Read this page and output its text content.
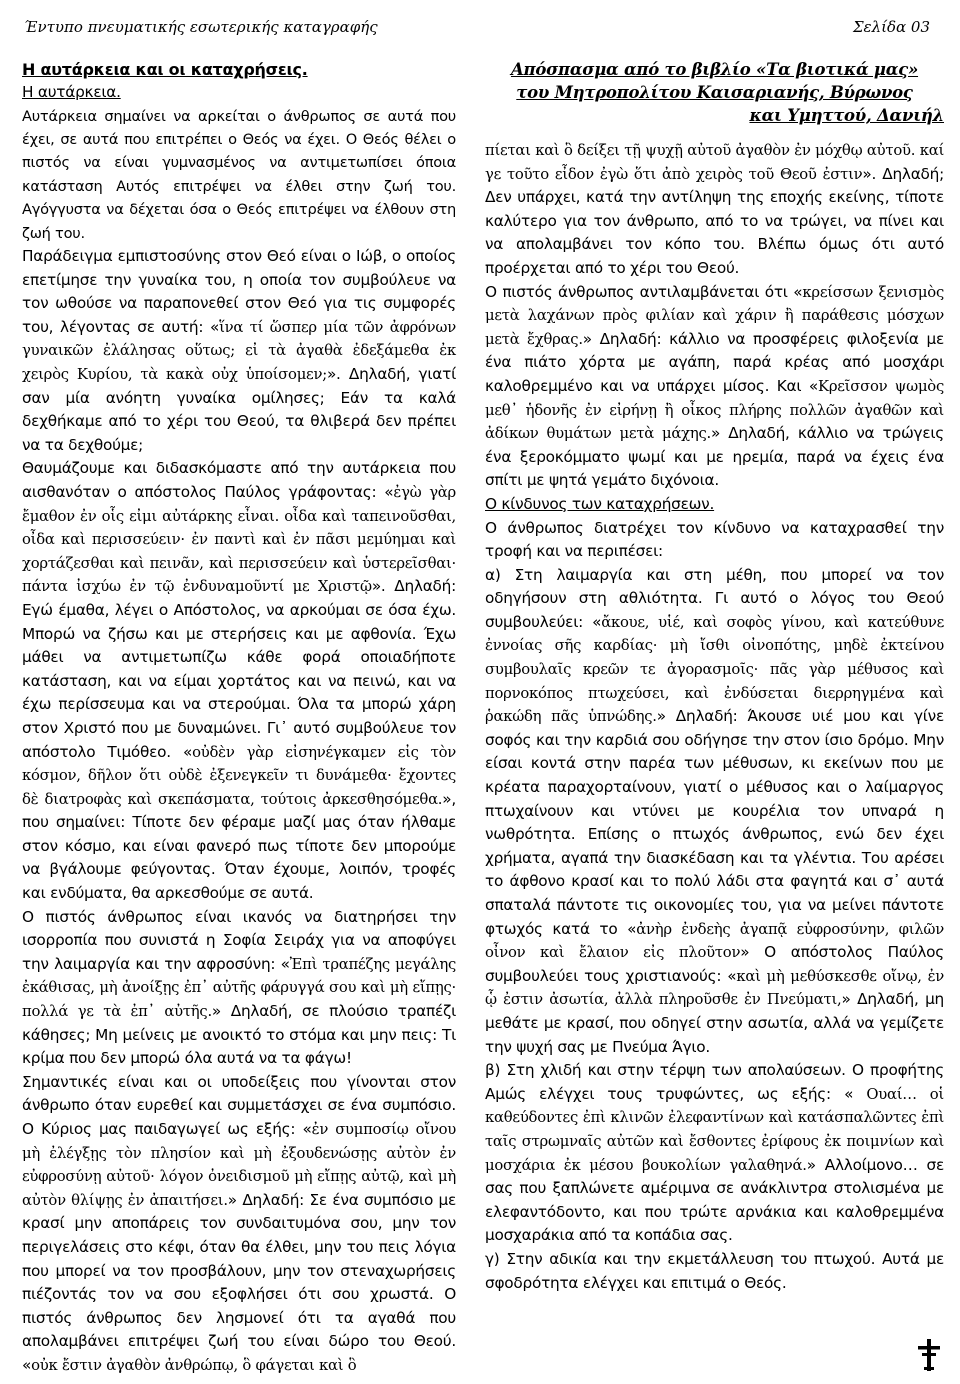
Έντυπο πνευματικής εσωτερικής καταγραφής	Σελίδα 03

Η αυτάρκεια και οι καταχρήσεις.

Η αυτάρκεια.

Αυτάρκεια σημαίνει να αρκείται ο άνθρωπος σε αυτά που έχει, σε αυτά που επιτρέπει ο Θεός να έχει. Ο Θεός θέλει ο πιστός να είναι γυμνασμένος να αντιμετωπίσει όποια κατάσταση Αυτός επιτρέψει να έλθει στην ζωή του. Αγόγγυστα να δέχεται όσα ο Θεός επιτρέψει να έλθουν στη ζωή του.

Παράδειγμα εμπιστοσύνης στον Θεό είναι ο Ιώβ, ο οποίος επετίμησε την γυναίκα του, η οποία τον συμβούλευε να τον ωθούσε να παραπονεθεί στον Θεό για τις συμφορές του, λέγοντας σε αυτή: «ἵνα τί ὥσπερ μία τῶν ἀφρόνων γυναικῶν ἐλάλησας οὕτως; εἰ τὰ ἀγαθὰ ἐδεξάμεθα ἐκ χειρὸς Κυρίου, τὰ κακὰ οὐχ ὑποίσομεν;». Δηλαδή, γιατί σαν μία ανόητη γυναίκα ομίλησες; Εάν τα καλά δεχθήκαμε από το χέρι του Θεού, τα θλιβερά δεν πρέπει να τα δεχθούμε;

Θαυμάζουμε και διδασκόμαστε από την αυτάρκεια που αισθανόταν ο απόστολος Παύλος γράφοντας: «ἐγὼ γὰρ ἔμαθον ἐν οἷς εἰμι αὐτάρκης εἶναι. οἶδα καὶ ταπεινοῦσθαι, οἶδα καὶ περισσεύειν· ἐν παντὶ καὶ ἐν πᾶσι μεμύημαι καὶ χορτάζεσθαι καὶ πεινᾶν, καὶ περισσεύειν καὶ ὑστερεῖσθαι· πάντα ἰσχύω ἐν τῷ ἐνδυναμοῦντί με Χριστῷ». Δηλαδή: Εγώ έμαθα, λέγει ο Απόστολος, να αρκούμαι σε όσα έχω. Μπορώ να ζήσω και με στερήσεις και με αφθονία. Έχω μάθει να αντιμετωπίζω κάθε φορά οποιαδήποτε κατάσταση, και να είμαι χορτάτος και να πεινώ, και να έχω περίσσευμα και να στερούμαι. Όλα τα μπορώ χάρη στον Χριστό που με δυναμώνει. Γι᾽ αυτό συμβούλευε τον απόστολο Τιμόθεο. «οὐδὲν γὰρ εἰσηνέγκαμεν εἰς τὸν κόσμον, δῆλον ὅτι οὐδὲ ἐξενεγκεῖν τι δυνάμεθα· ἔχοντες δὲ διατροφὰς καὶ σκεπάσματα, τούτοις ἀρκεσθησόμεθα.», που σημαίνει: Τίποτε δεν φέραμε μαζί μας όταν ήλθαμε στον κόσμο, και είναι φανερό πως τίποτε δεν μπορούμε να βγάλουμε φεύγοντας. Όταν έχουμε, λοιπόν, τροφές και ενδύματα, θα αρκεσθούμε σε αυτά.

Ο πιστός άνθρωπος είναι ικανός να διατηρήσει την ισορροπία που συνιστά η Σοφία Σειράχ για να αποφύγει την λαιμαργία και την αφροσύνη: «Ἐπὶ τραπέζης μεγάλης ἐκάθισας, μὴ ἀνοίξῃς ἐπ᾽ αὐτῆς φάρυγγά σου καὶ μὴ εἴπῃς· πολλά γε τὰ ἐπ᾽ αὐτῆς.» Δηλαδή, σε πλούσιο τραπέζι κάθησες; Μη μείνεις με ανοικτό το στόμα και μην πεις: Τι κρίμα που δεν μπορώ όλα αυτά να τα φάγω!

Σημαντικές είναι και οι υποδείξεις που γίνονται στον άνθρωπο όταν ευρεθεί και συμμετάσχει σε ένα συμπόσιο. Ο Κύριος μας παιδαγωγεί ως εξής: «ἐν συμποσίῳ οἴνου μὴ ἐλέγξῃς τὸν πλησίον καὶ μὴ ἐξουδενώσῃς αὐτὸν ἐν εὐφροσύνῃ αὐτοῦ· λόγον ὀνειδισμοῦ μὴ εἴπῃς αὐτῷ, καὶ μὴ αὐτὸν θλίψῃς ἐν ἀπαιτήσει.» Δηλαδή: Σε ένα συμπόσιο με κρασί μην αποπάρεις τον συνδαιτυμόνα σου, μην τον περιγελάσεις στο κέφι, όταν θα έλθει, μην του πεις λόγια που μπορεί να τον προσβάλουν, μην τον στεναχωρήσεις πιέζοντάς τον να σου εξοφλήσει ότι σου χρωστά. Ο πιστός άνθρωπος δεν λησμονεί ότι τα αγαθά που απολαμβάνει επιτρέψει ζωή του είναι δώρο του Θεού. «οὐκ ἔστιν ἀγαθὸν ἀνθρώπῳ, ὃ φάγεται καὶ ὃ

Απόσπασμα από το βιβλίο «Τα βιοτικά μας»
του Μητροπολίτου Καισαριανής, Βύρωνος
και Υμηττού, Δανιήλ

πίεται καὶ ὃ δείξει τῇ ψυχῇ αὐτοῦ ἀγαθὸν ἐν μόχθῳ αὐτοῦ. καί γε τοῦτο εἶδον ἐγὼ ὅτι ἀπὸ χειρὸς τοῦ Θεοῦ ἐστιν». Δηλαδή; Δεν υπάρχει, κατά την αντίληψη της εποχής εκείνης, τίποτε καλύτερο για τον άνθρωπο, από το να τρώγει, να πίνει και να απολαμβάνει τον κόπο του. Βλέπω όμως ότι αυτό προέρχεται από το χέρι του Θεού.

Ο πιστός άνθρωπος αντιλαμβάνεται ότι «κρείσσων ξενισμὸς μετὰ λαχάνων πρὸς φιλίαν καὶ χάριν ἢ παράθεσις μόσχων μετὰ ἔχθρας.» Δηλαδή: κάλλιο να προσφέρεις φιλοξενία με ένα πιάτο χόρτα με αγάπη, παρά κρέας από μοσχάρι καλοθρεμμένο και να υπάρχει μίσος. Και «Κρεῖσσον ψωμὸς μεθ᾽ ἡδονῆς ἐν εἰρήνῃ ἢ οἶκος πλήρης πολλῶν ἀγαθῶν καὶ ἀδίκων θυμάτων μετὰ μάχης.» Δηλαδή, κάλλιο να τρώγεις ένα ξεροκόμματο ψωμί και με ηρεμία, παρά να έχεις ένα σπίτι με ψητά γεμάτο διχόνοια.

Ο κίνδυνος των καταχρήσεων.

Ο άνθρωπος διατρέχει τον κίνδυνο να καταχρασθεί την τροφή και να περιπέσει:

α) Στη λαιμαργία και στη μέθη, που μπορεί να τον οδηγήσουν στη αθλιότητα. Γι αυτό ο λόγος του Θεού συμβουλεύει: «ἄκουε, υἱέ, καὶ σοφὸς γίνου, καὶ κατεύθυνε ἐννοίας σῆς καρδίας· μὴ ἴσθι οἰνοπότης, μηδὲ ἐκτείνου συμβουλαῖς κρεῶν τε ἀγορασμοῖς· πᾶς γὰρ μέθυσος καὶ πορνοκόπος πτωχεύσει, καὶ ἐνδύσεται διερρηγμένα καὶ ῥακώδη πᾶς ὑπνώδης.» Δηλαδή: Άκουσε υιέ μου και γίνε σοφός και την καρδιά σου οδήγησε την στον ίσιο δρόμο. Μην είσαι κοντά στην παρέα των μέθυσων, κι εκείνων που με κρέατα παραχορταίνουν, γιατί ο μέθυσος και ο λαίμαργος πτωχαίνουν και ντύνει με κουρέλια τον υπναρά η νωθρότητα. Επίσης ο πτωχός άνθρωπος, ενώ δεν έχει χρήματα, αγαπά την διασκέδαση και τα γλέντια. Του αρέσει το άφθονο κρασί και το πολύ λάδι στα φαγητά και σ᾽ αυτά σπαταλά πάντοτε τις οικονομίες του, για να μείνει πάντοτε φτωχός κατά το «ἀνὴρ ἐνδεὴς ἀγαπᾷ εὐφροσύνην, φιλῶν οἶνον καὶ ἔλαιον εἰς πλοῦτον» Ο απόστολος Παύλος συμβουλεύει τους χριστιανούς: «καὶ μὴ μεθύσκεσθε οἴνῳ, ἐν ᾧ ἐστιν ἀσωτία, ἀλλὰ πληροῦσθε ἐν Πνεύματι,» Δηλαδή, μη μεθάτε με κρασί, που οδηγεί στην ασωτία, αλλά να γεμίζετε την ψυχή σας με Πνεύμα Άγιο.

β) Στη χλιδή και στην τέρψη των απολαύσεων. Ο προφήτης Αμώς ελέγχει τους τρυφώντες, ως εξής: « Ουαί… οἱ καθεύδοντες ἐπὶ κλινῶν ἐλεφαντίνων καὶ κατάσπαλῶντες ἐπὶ ταῖς στρωμναῖς αὐτῶν καὶ ἔσθοντες ἐρίφους ἐκ ποιμνίων καὶ μοσχάρια ἐκ μέσου βουκολίων γαλαθηνά.» Αλλοίμονο… σε σας που ξαπλώνετε αμέριμνα σε ανάκλιντρα στολισμένα με ελεφαντόδοντο, και που τρώτε αρνάκια και καλοθρεμμένα μοσχαράκια από τα κοπάδια σας.

γ) Στην αδικία και την εκμετάλλευση του πτωχού. Αυτά με σφοδρότητα ελέγχει και επιτιμά ο Θεός.
